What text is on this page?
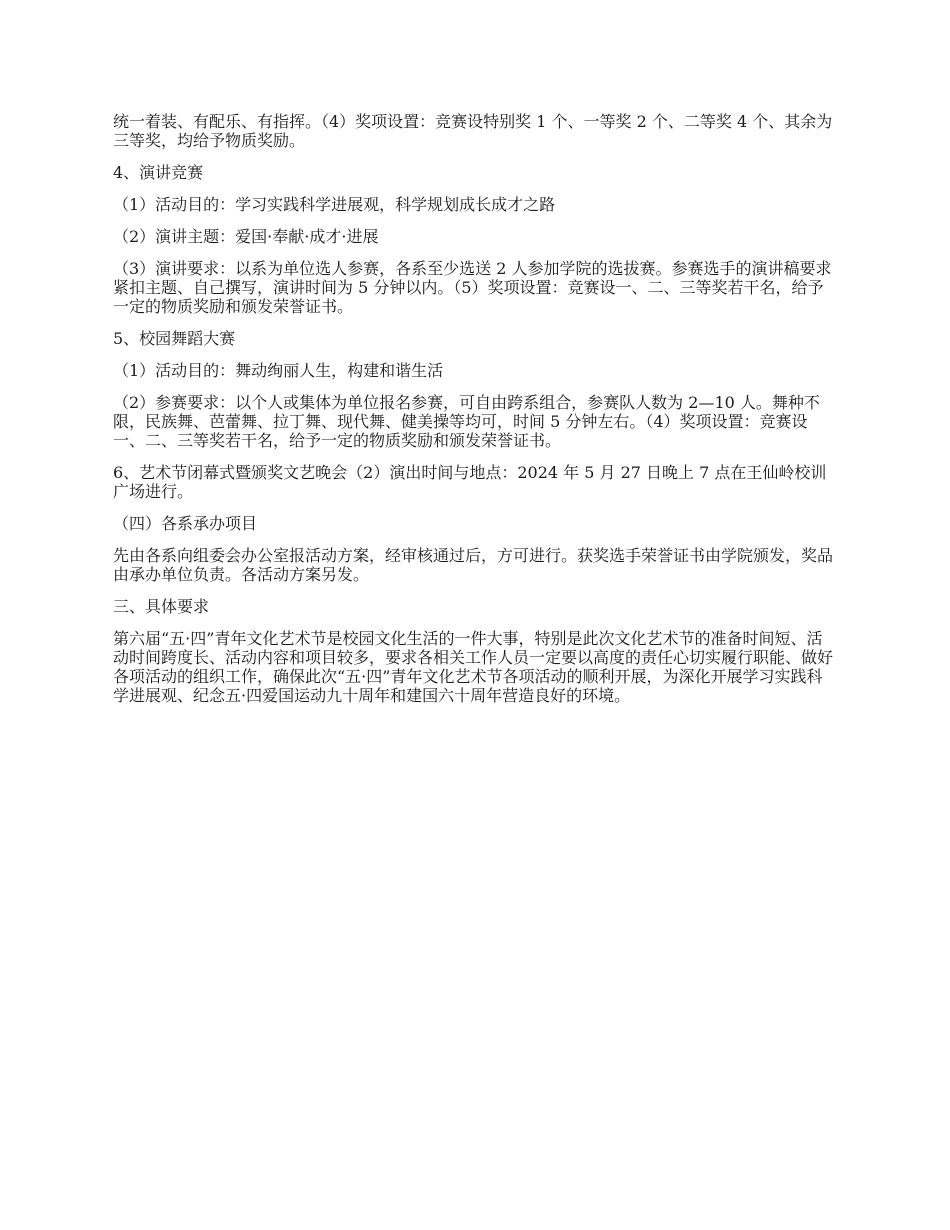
统一着装、有配乐、有指挥。（4）奖项设置：竞赛设特别奖 1 个、一等奖 2 个、二等奖 4 个、其余为三等奖，均给予物质奖励。

4、演讲竞赛

（1）活动目的：学习实践科学进展观，科学规划成长成才之路

（2）演讲主题：爱国·奉献·成才·进展

（3）演讲要求：以系为单位选人参赛，各系至少选送 2 人参加学院的选拔赛。参赛选手的演讲稿要求紧扣主题、自己撰写，演讲时间为 5 分钟以内。（5）奖项设置：竞赛设一、二、三等奖若干名，给予一定的物质奖励和颁发荣誉证书。

5、校园舞蹈大赛

（1）活动目的：舞动绚丽人生，构建和谐生活

（2）参赛要求：以个人或集体为单位报名参赛，可自由跨系组合，参赛队人数为 2—10 人。舞种不限，民族舞、芭蕾舞、拉丁舞、现代舞、健美操等均可，时间 5 分钟左右。（4）奖项设置：竞赛设一、二、三等奖若干名，给予一定的物质奖励和颁发荣誉证书。

6、艺术节闭幕式暨颁奖文艺晚会（2）演出时间与地点：2024 年 5 月 27 日晚上 7 点在王仙岭校训广场进行。

（四）各系承办项目

先由各系向组委会办公室报活动方案，经审核通过后，方可进行。获奖选手荣誉证书由学院颁发，奖品由承办单位负责。各活动方案另发。

三、具体要求

第六届“五·四”青年文化艺术节是校园文化生活的一件大事，特别是此次文化艺术节的准备时间短、活动时间跨度长、活动内容和项目较多，要求各相关工作人员一定要以高度的责任心切实履行职能、做好各项活动的组织工作，确保此次“五·四”青年文化艺术节各项活动的顺利开展，为深化开展学习实践科学进展观、纪念五·四爱国运动九十周年和建国六十周年营造良好的环境。
